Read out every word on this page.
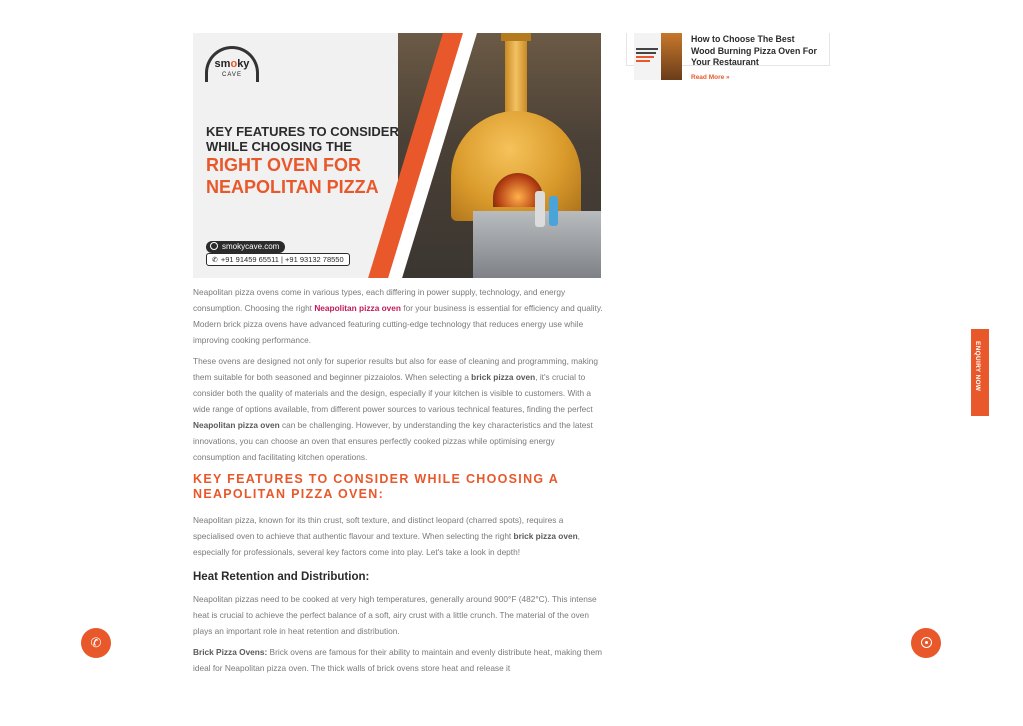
smoky
CAVE
KEY FEATURES TO CONSIDER WHILE CHOOSING THE
RIGHT OVEN FOR NEAPOLITAN PIZZA
smokycave.com
✆ +91 91459 65511 | +91 93132 78550

Neapolitan pizza ovens come in various types, each differing in power supply, technology, and energy consumption. Choosing the right Neapolitan pizza oven for your business is essential for efficiency and quality. Modern brick pizza ovens have advanced featuring cutting-edge technology that reduces energy use while improving cooking performance.

These ovens are designed not only for superior results but also for ease of cleaning and programming, making them suitable for both seasoned and beginner pizzaiolos. When selecting a brick pizza oven, it's crucial to consider both the quality of materials and the design, especially if your kitchen is visible to customers. With a wide range of options available, from different power sources to various technical features, finding the perfect Neapolitan pizza oven can be challenging. However, by understanding the key characteristics and the latest innovations, you can choose an oven that ensures perfectly cooked pizzas while optimising energy consumption and facilitating kitchen operations.

KEY FEATURES TO CONSIDER WHILE CHOOSING A NEAPOLITAN PIZZA OVEN:

Neapolitan pizza, known for its thin crust, soft texture, and distinct leopard (charred spots), requires a specialised oven to achieve that authentic flavour and texture. When selecting the right brick pizza oven, especially for professionals, several key factors come into play. Let's take a look in depth!

Heat Retention and Distribution:

Neapolitan pizzas need to be cooked at very high temperatures, generally around 900°F (482°C). This intense heat is crucial to achieve the perfect balance of a soft, airy crust with a little crunch. The material of the oven plays an important role in heat retention and distribution.

Brick Pizza Ovens: Brick ovens are famous for their ability to maintain and evenly distribute heat, making them ideal for Neapolitan pizza oven. The thick walls of brick ovens store heat and release it

How to Choose The Best Wood Burning Pizza Oven For Your Restaurant
Read More »
ENQUIRY NOW
✆
